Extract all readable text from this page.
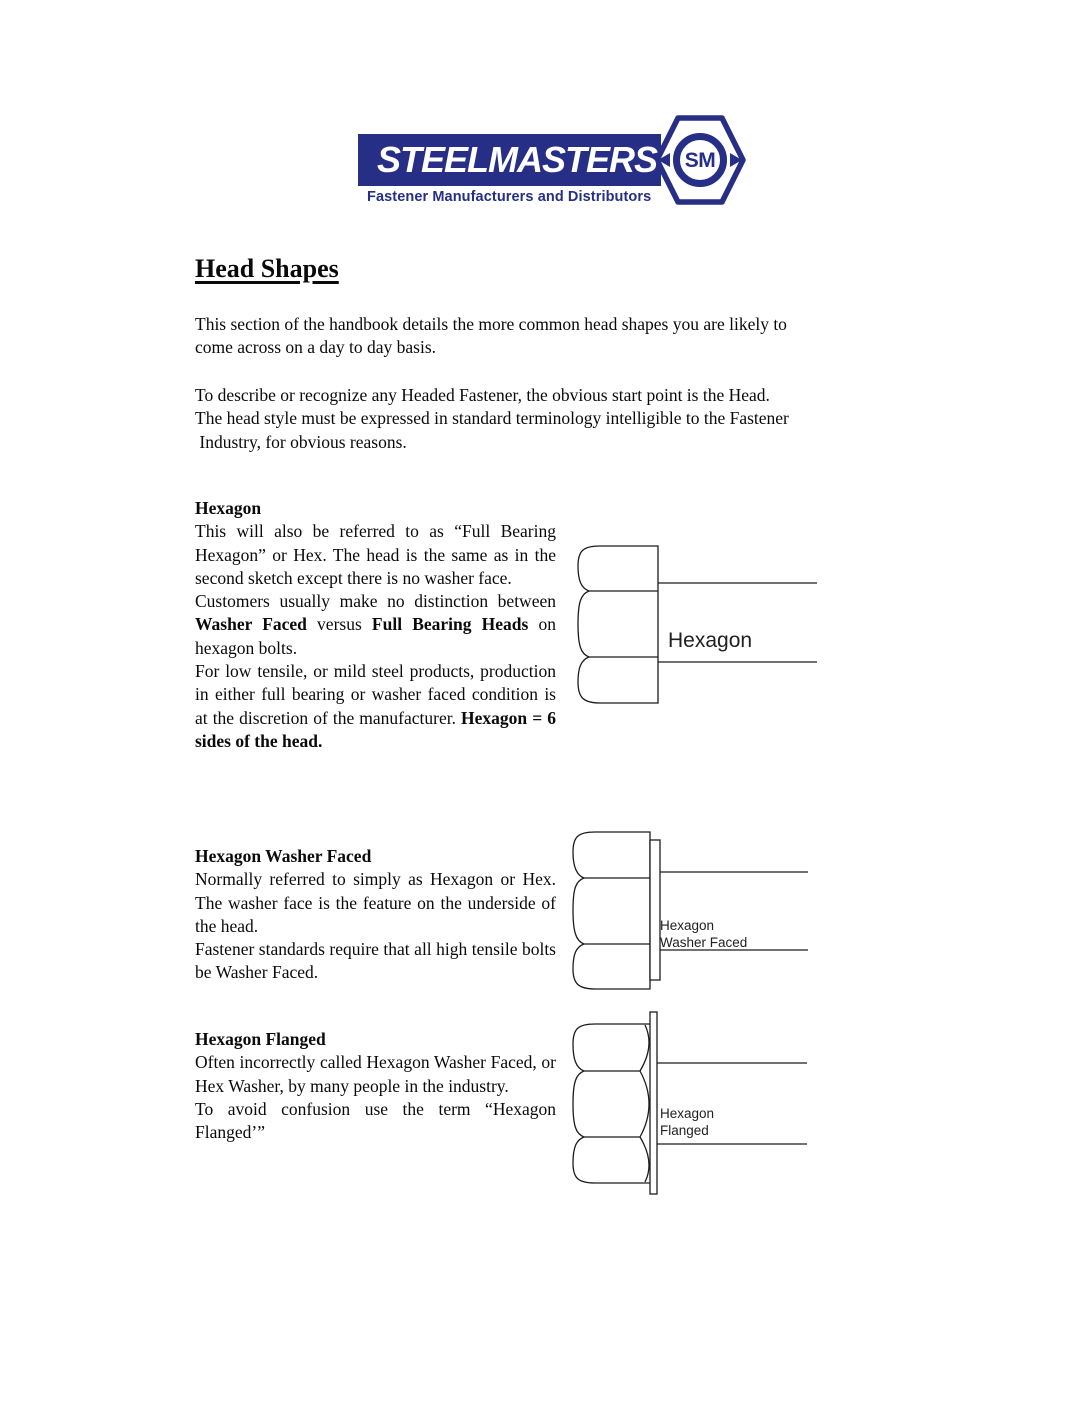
STEELMASTERS
Fastener Manufacturers and Distributors
SM
Head Shapes
This section of the handbook details the more common head shapes you are likely to
come across on a day to day basis.
To describe or recognize any Headed Fastener, the obvious start point is the Head.
The head style must be expressed in standard terminology intelligible to the Fastener
Industry, for obvious reasons.
Hexagon

This will also be referred to as “Full Bearing Hexagon” or Hex. The head is the same as in the second sketch except there is no washer face.

Customers usually make no distinction between Washer Faced versus Full Bearing Heads on hexagon bolts.

For low tensile, or mild steel products, production in either full bearing or washer faced condition is at the discretion of the manufacturer. Hexagon = 6 sides of the head.

Hexagon
Hexagon Washer Faced

Normally referred to simply as Hexagon or Hex. The washer face is the feature on the underside of the head.

Fastener standards require that all high tensile bolts be Washer Faced.

Hexagon
Washer Faced
Hexagon Flanged

Often incorrectly called Hexagon Washer Faced, or Hex Washer, by many people in the industry.

To avoid confusion use the term “Hexagon Flanged’”

Hexagon
Flanged
